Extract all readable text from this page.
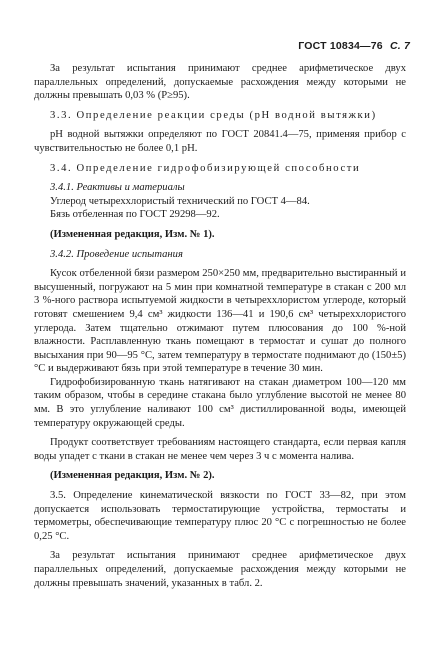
ГОСТ 10834—76 С. 7

За результат испытания принимают среднее арифметическое двух параллельных определений, допускаемые расхождения между которыми не должны превышать 0,03 % (P≥95).

3.3. Определение реакции среды (рН водной вытяжки)

рН водной вытяжки определяют по ГОСТ 20841.4—75, применяя прибор с чувствительностью не более 0,1 рН.

3.4. Определение гидрофобизирующей способности

3.4.1. Реактивы и материалы

Углерод четыреххлористый технический по ГОСТ 4—84.

Бязь отбеленная по ГОСТ 29298—92.

(Измененная редакция, Изм. № 1).

3.4.2. Проведение испытания

Кусок отбеленной бязи размером 250×250 мм, предварительно выстиранный и высушенный, погружают на 5 мин при комнатной температуре в стакан с 200 мл 3 %-ного раствора испытуемой жидкости в четыреххлористом углероде, который готовят смешением 9,4 см³ жидкости 136—41 и 190,6 см³ четыреххлористого углерода. Затем тщательно отжимают путем плюсования до 100 %-ной влажности. Расплавленную ткань помещают в термостат и сушат до полного высыхания при 90—95 °C, затем температуру в термостате поднимают до (150±5) °C и выдерживают бязь при этой температуре в течение 30 мин.

Гидрофобизированную ткань натягивают на стакан диаметром 100—120 мм таким образом, чтобы в середине стакана было углубление высотой не менее 80 мм. В это углубление наливают 100 см³ дистиллированной воды, имеющей температуру окружающей среды.

Продукт соответствует требованиям настоящего стандарта, если первая капля воды упадет с ткани в стакан не менее чем через 3 ч с момента налива.

(Измененная редакция, Изм. № 2).

3.5. Определение кинематической вязкости по ГОСТ 33—82, при этом допускается использовать термостатирующие устройства, термостаты и термометры, обеспечивающие температуру плюс 20 °C с погрешностью не более 0,25 °C.

За результат испытания принимают среднее арифметическое двух параллельных определений, допускаемые расхождения между которыми не должны превышать значений, указанных в табл. 2.
